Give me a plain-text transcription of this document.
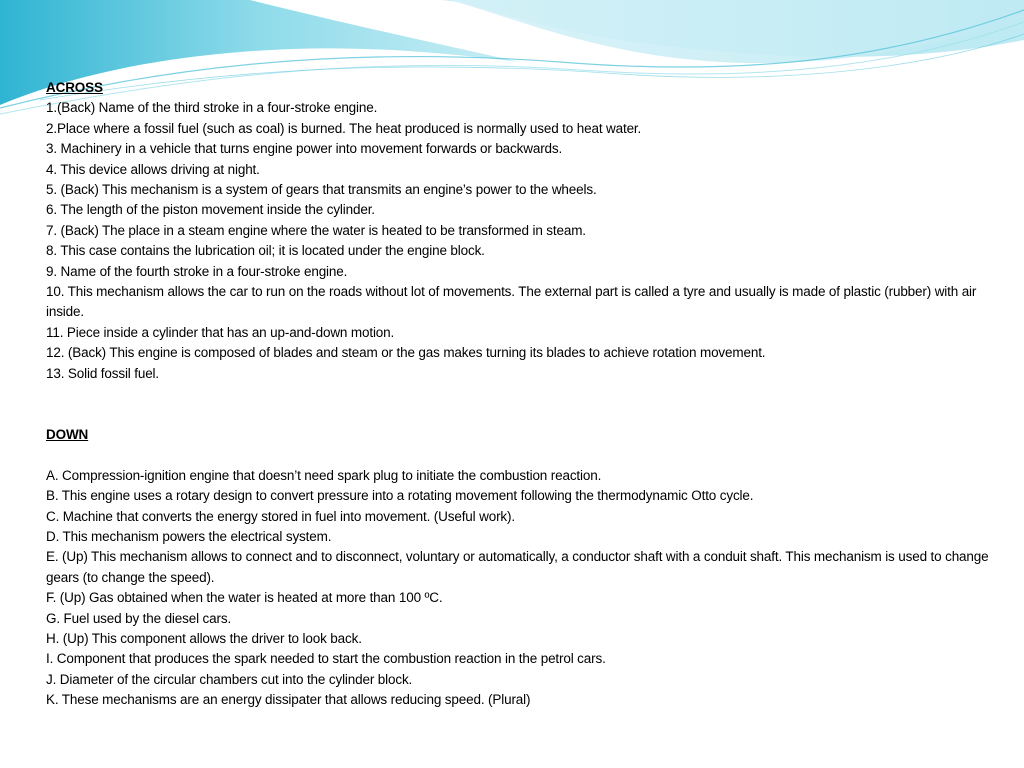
ACROSS
1.(Back) Name of the third stroke in a four-stroke engine.
2.Place where a fossil fuel (such as coal) is burned. The heat produced is normally used to heat water.
3. Machinery in a vehicle that turns engine power into movement forwards or backwards.
4. This device allows driving at night.
5. (Back) This mechanism is a system of gears that transmits an engine’s power to the wheels.
6. The length of the piston movement inside the cylinder.
7. (Back) The place in a steam engine where the water is heated to be transformed in steam.
8. This case contains the lubrication oil; it is located under the engine block.
9. Name of the fourth stroke in a four-stroke engine.
10. This mechanism allows the car to run on the roads without lot of movements. The external part is called a tyre and usually is made of plastic (rubber) with air inside.
11. Piece inside a cylinder that has an up-and-down motion.
12. (Back) This engine is composed of blades and steam or the gas makes turning its blades to achieve rotation movement.
13. Solid fossil fuel.
DOWN
A. Compression-ignition engine that doesn’t need spark plug to initiate the combustion reaction.
B. This engine uses a rotary design to convert pressure into a rotating movement following the thermodynamic Otto cycle.
C. Machine that converts the energy stored in fuel into movement. (Useful work).
D. This mechanism powers the electrical system.
E. (Up) This mechanism allows to connect and to disconnect, voluntary or automatically, a conductor shaft with a conduit shaft. This mechanism is used to change gears (to change the speed).
F. (Up) Gas obtained when the water is heated at more than 100 ºC.
G. Fuel used by the diesel cars.
H. (Up) This component allows the driver to look back.
I. Component that produces the spark needed to start the combustion reaction in the petrol cars.
J. Diameter of the circular chambers cut into the cylinder block.
K. These mechanisms are an energy dissipater that allows reducing speed. (Plural)
